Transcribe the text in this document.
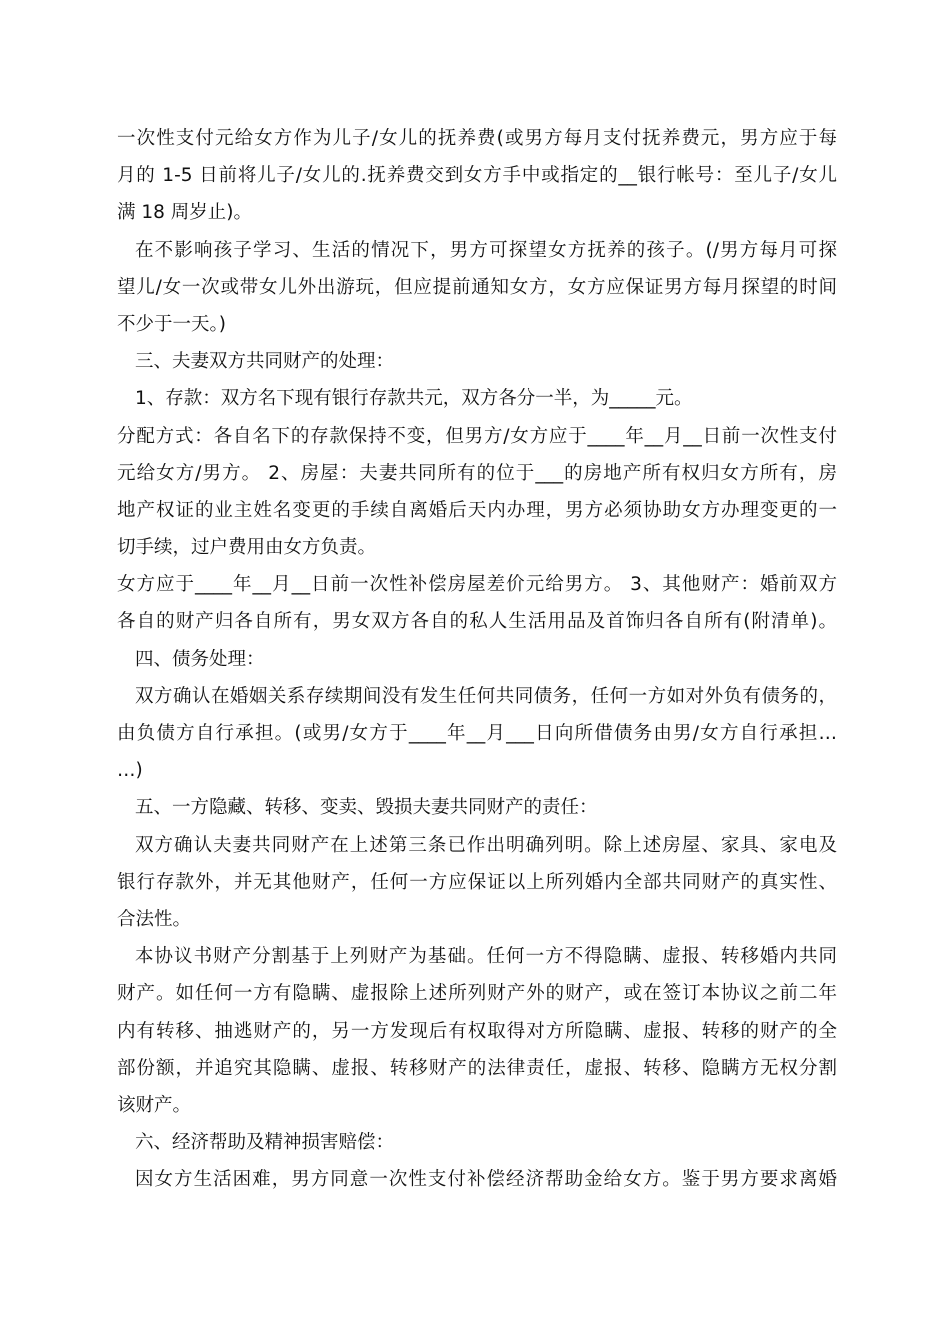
一次性支付元给女方作为儿子/女儿的抚养费(或男方每月支付抚养费元，男方应于每
月的 1-5 日前将儿子/女儿的.抚养费交到女方手中或指定的__银行帐号：至儿子/女儿
满 18 周岁止)。
在不影响孩子学习、生活的情况下，男方可探望女方抚养的孩子。(/男方每月可探
望儿/女一次或带女儿外出游玩，但应提前通知女方，女方应保证男方每月探望的时间
不少于一天。)
三、夫妻双方共同财产的处理：
1、存款：双方名下现有银行存款共元，双方各分一半，为_____元。
分配方式：各自名下的存款保持不变，但男方/女方应于____年__月__日前一次性支付
元给女方/男方。 2、房屋：夫妻共同所有的位于___的房地产所有权归女方所有，房
地产权证的业主姓名变更的手续自离婚后天内办理，男方必须协助女方办理变更的一
切手续，过户费用由女方负责。
女方应于____年__月__日前一次性补偿房屋差价元给男方。 3、其他财产：婚前双方
各自的财产归各自所有，男女双方各自的私人生活用品及首饰归各自所有(附清单)。
四、债务处理：
双方确认在婚姻关系存续期间没有发生任何共同债务，任何一方如对外负有债务的，
由负债方自行承担。(或男/女方于____年__月___日向所借债务由男/女方自行承担…
…)
五、一方隐藏、转移、变卖、毁损夫妻共同财产的责任：
双方确认夫妻共同财产在上述第三条已作出明确列明。除上述房屋、家具、家电及
银行存款外，并无其他财产，任何一方应保证以上所列婚内全部共同财产的真实性、
合法性。
本协议书财产分割基于上列财产为基础。任何一方不得隐瞒、虚报、转移婚内共同
财产。如任何一方有隐瞒、虚报除上述所列财产外的财产，或在签订本协议之前二年
内有转移、抽逃财产的，另一方发现后有权取得对方所隐瞒、虚报、转移的财产的全
部份额，并追究其隐瞒、虚报、转移财产的法律责任，虚报、转移、隐瞒方无权分割
该财产。
六、经济帮助及精神损害赔偿：
因女方生活困难，男方同意一次性支付补偿经济帮助金给女方。鉴于男方要求离婚
